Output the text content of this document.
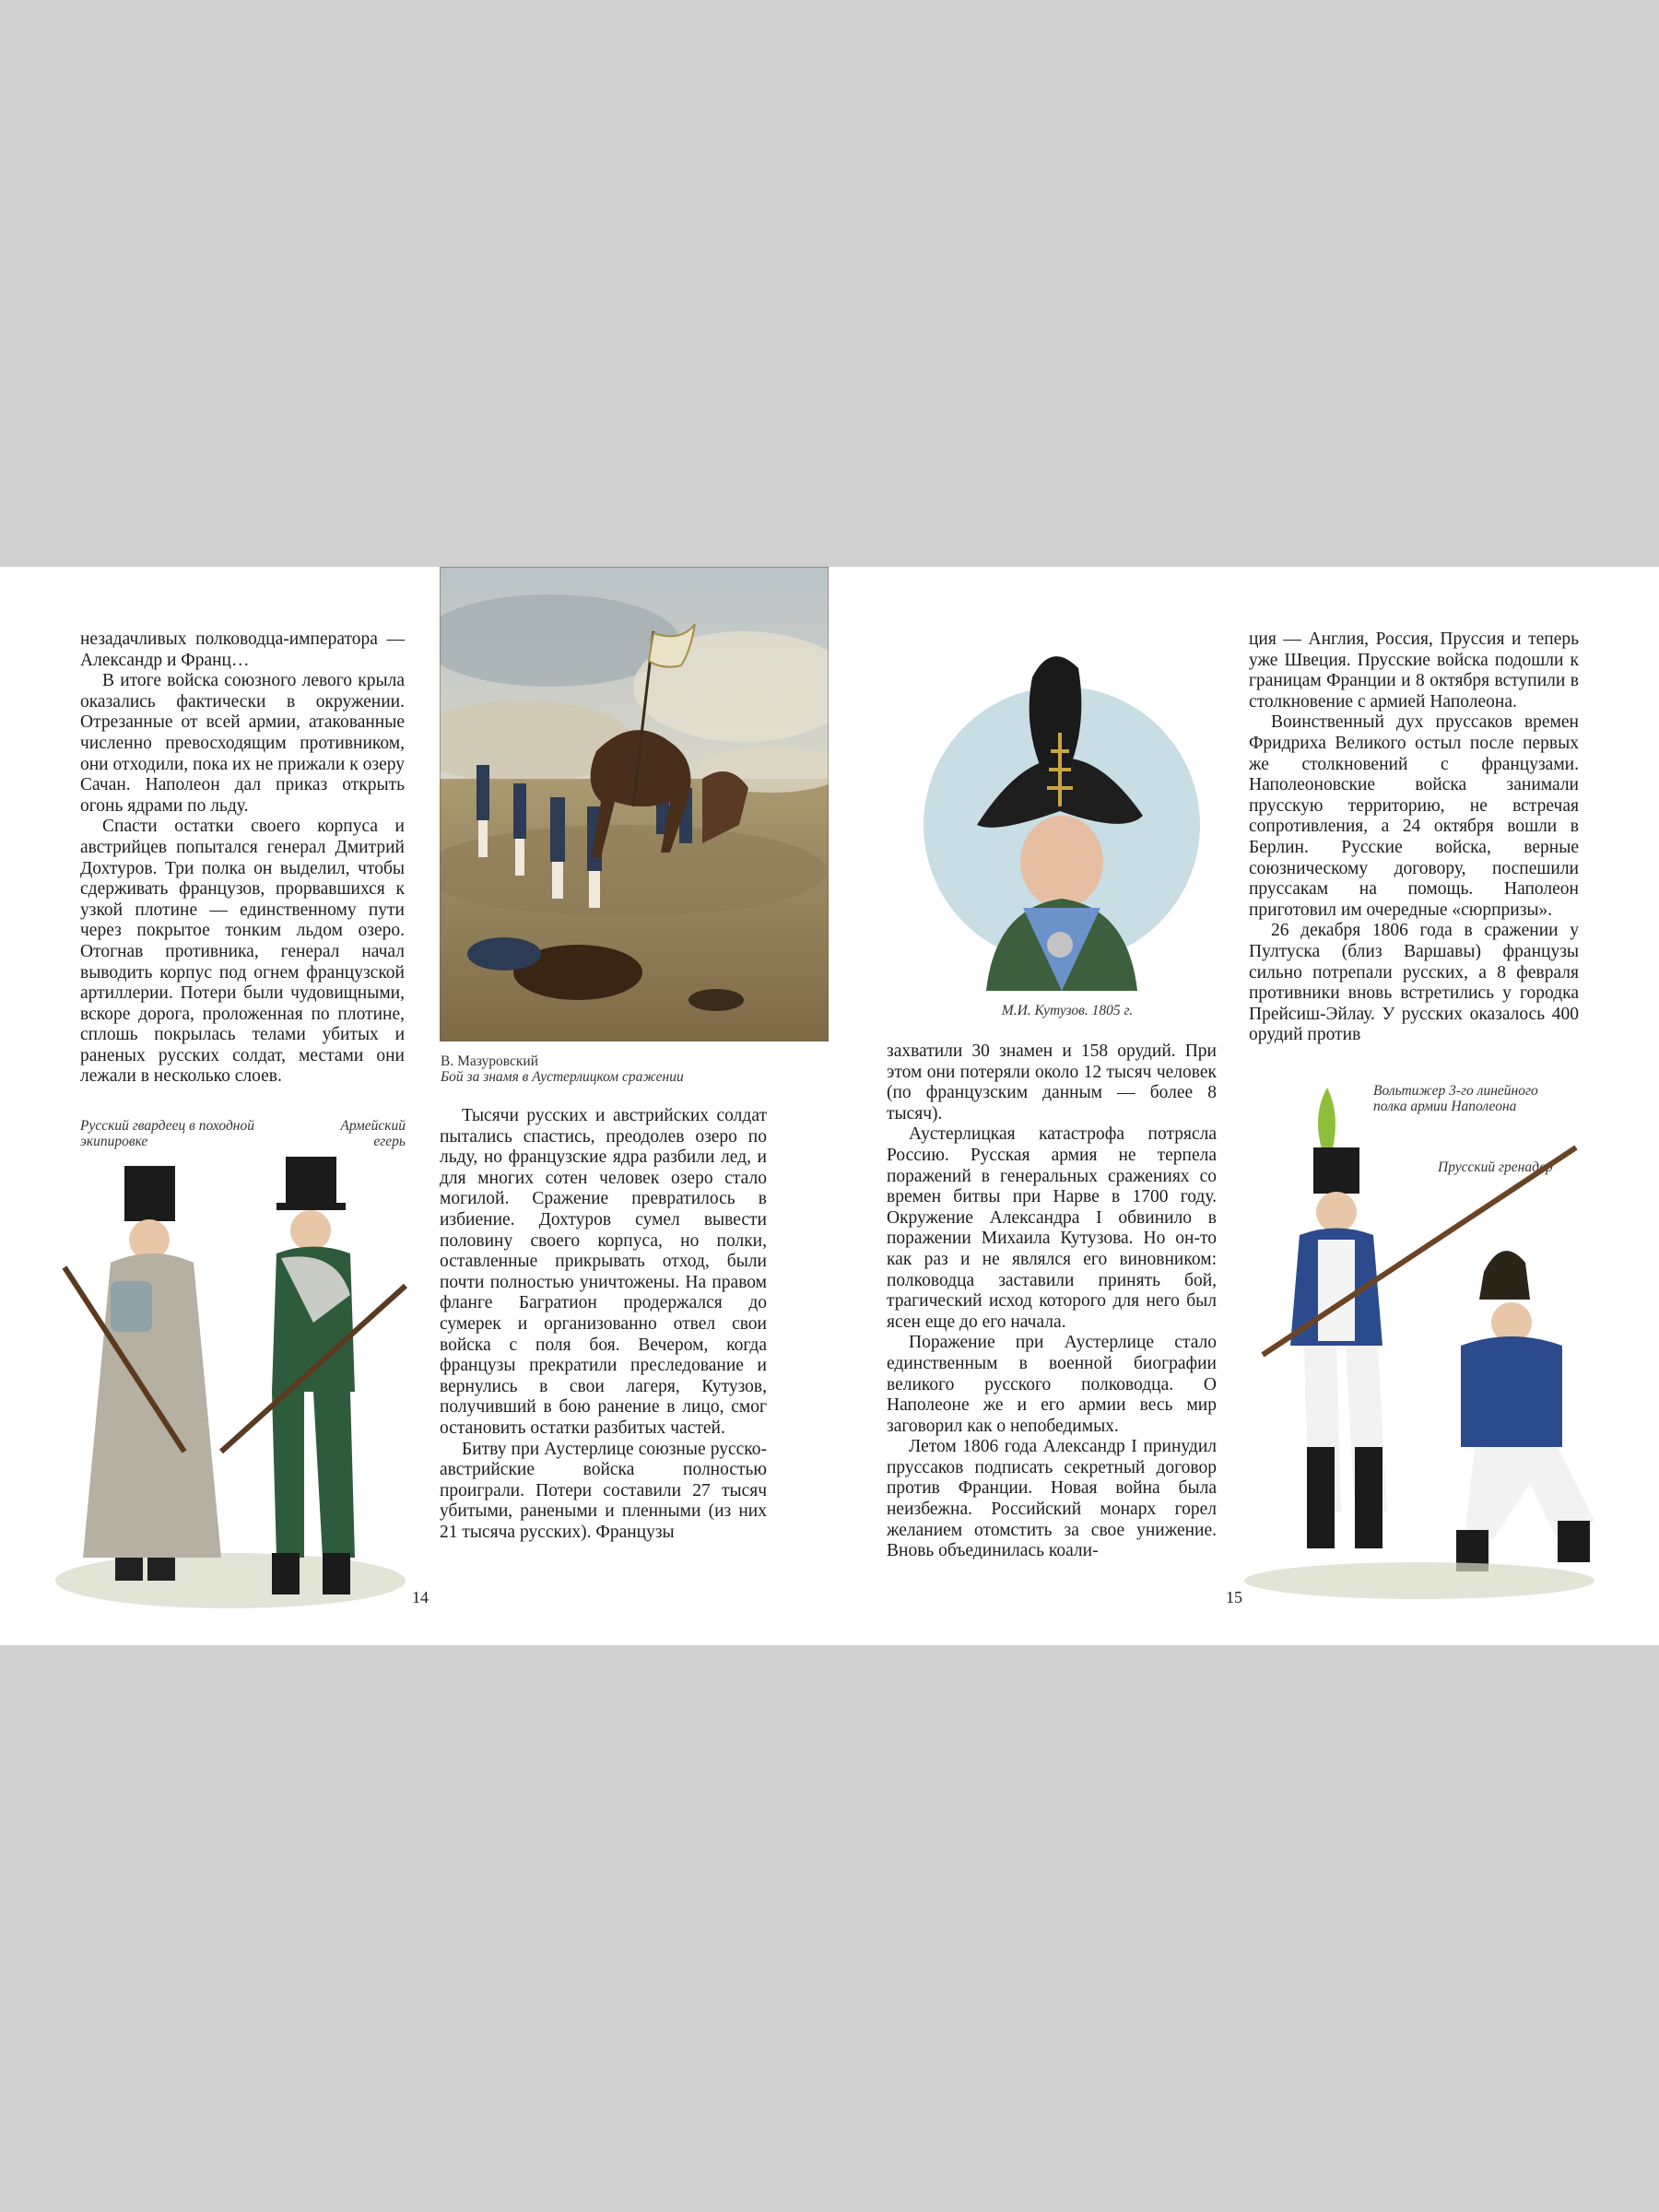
незадачливых полководца-императора — Александр и Франц…

В итоге войска союзного левого крыла оказались фактически в окружении. Отрезанные от всей армии, атакованные численно превосходящим противником, они отходили, пока их не прижали к озеру Сачан. Наполеон дал приказ открыть огонь ядрами по льду.

Спасти остатки своего корпуса и австрийцев попытался генерал Дмитрий Дохтуров. Три полка он выделил, чтобы сдерживать французов, прорвавшихся к узкой плотине — единственному пути через покрытое тонким льдом озеро. Отогнав противника, генерал начал выводить корпус под огнем французской артиллерии. Потери были чудовищными, вскоре дорога, проложенная по плотине, сплошь покрылась телами убитых и раненых русских солдат, местами они лежали в несколько слоев.

В. Мазуровский
Бой за знамя в Аустерлицком сражении

Тысячи русских и австрийских солдат пытались спастись, преодолев озеро по льду, но французские ядра разбили лед, и для многих сотен человек озеро стало могилой. Сражение превратилось в избиение. Дохтуров сумел вывести половину своего корпуса, но полки, оставленные прикрывать отход, были почти полностью уничтожены. На правом фланге Багратион продержался до сумерек и организованно отвел свои войска с поля боя. Вечером, когда французы прекратили преследование и вернулись в свои лагеря, Кутузов, получивший в бою ранение в лицо, смог остановить остатки разбитых частей.

Битву при Аустерлице союзные русско-австрийские войска полностью проиграли. Потери составили 27 тысяч убитыми, ранеными и пленными (из них 21 тысяча русских). Французы

Русский гвардеец в походной экипировке
Армейский егерь
14
М.И. Кутузов. 1805 г.

захватили 30 знамен и 158 орудий. При этом они потеряли около 12 тысяч человек (по французским данным — более 8 тысяч).

Аустерлицкая катастрофа потрясла Россию. Русская армия не терпела поражений в генеральных сражениях со времен битвы при Нарве в 1700 году. Окружение Александра I обвинило в поражении Михаила Кутузова. Но он-то как раз и не являлся его виновником: полководца заставили принять бой, трагический исход которого для него был ясен еще до его начала.

Поражение при Аустерлице стало единственным в военной биографии великого русского полководца. О Наполеоне же и его армии весь мир заговорил как о непобедимых.

Летом 1806 года Александр I принудил пруссаков подписать секретный договор против Франции. Новая война была неизбежна. Российский монарх горел желанием отомстить за свое унижение. Вновь объединилась коали-

ция — Англия, Россия, Пруссия и теперь уже Швеция. Прусские войска подошли к границам Франции и 8 октября вступили в столкновение с армией Наполеона.

Воинственный дух пруссаков времен Фридриха Великого остыл после первых же столкновений с французами. Наполеоновские войска занимали прусскую территорию, не встречая сопротивления, а 24 октября вошли в Берлин. Русские войска, верные союзническому договору, поспешили пруссакам на помощь. Наполеон приготовил им очередные «сюрпризы».

26 декабря 1806 года в сражении у Пултуска (близ Варшавы) французы сильно потрепали русских, а 8 февраля противники вновь встретились у городка Прейсиш-Эйлау. У русских оказалось 400 орудий против

Вольтижер 3-го линейного полка армии Наполеона
Прусский гренадер
15
